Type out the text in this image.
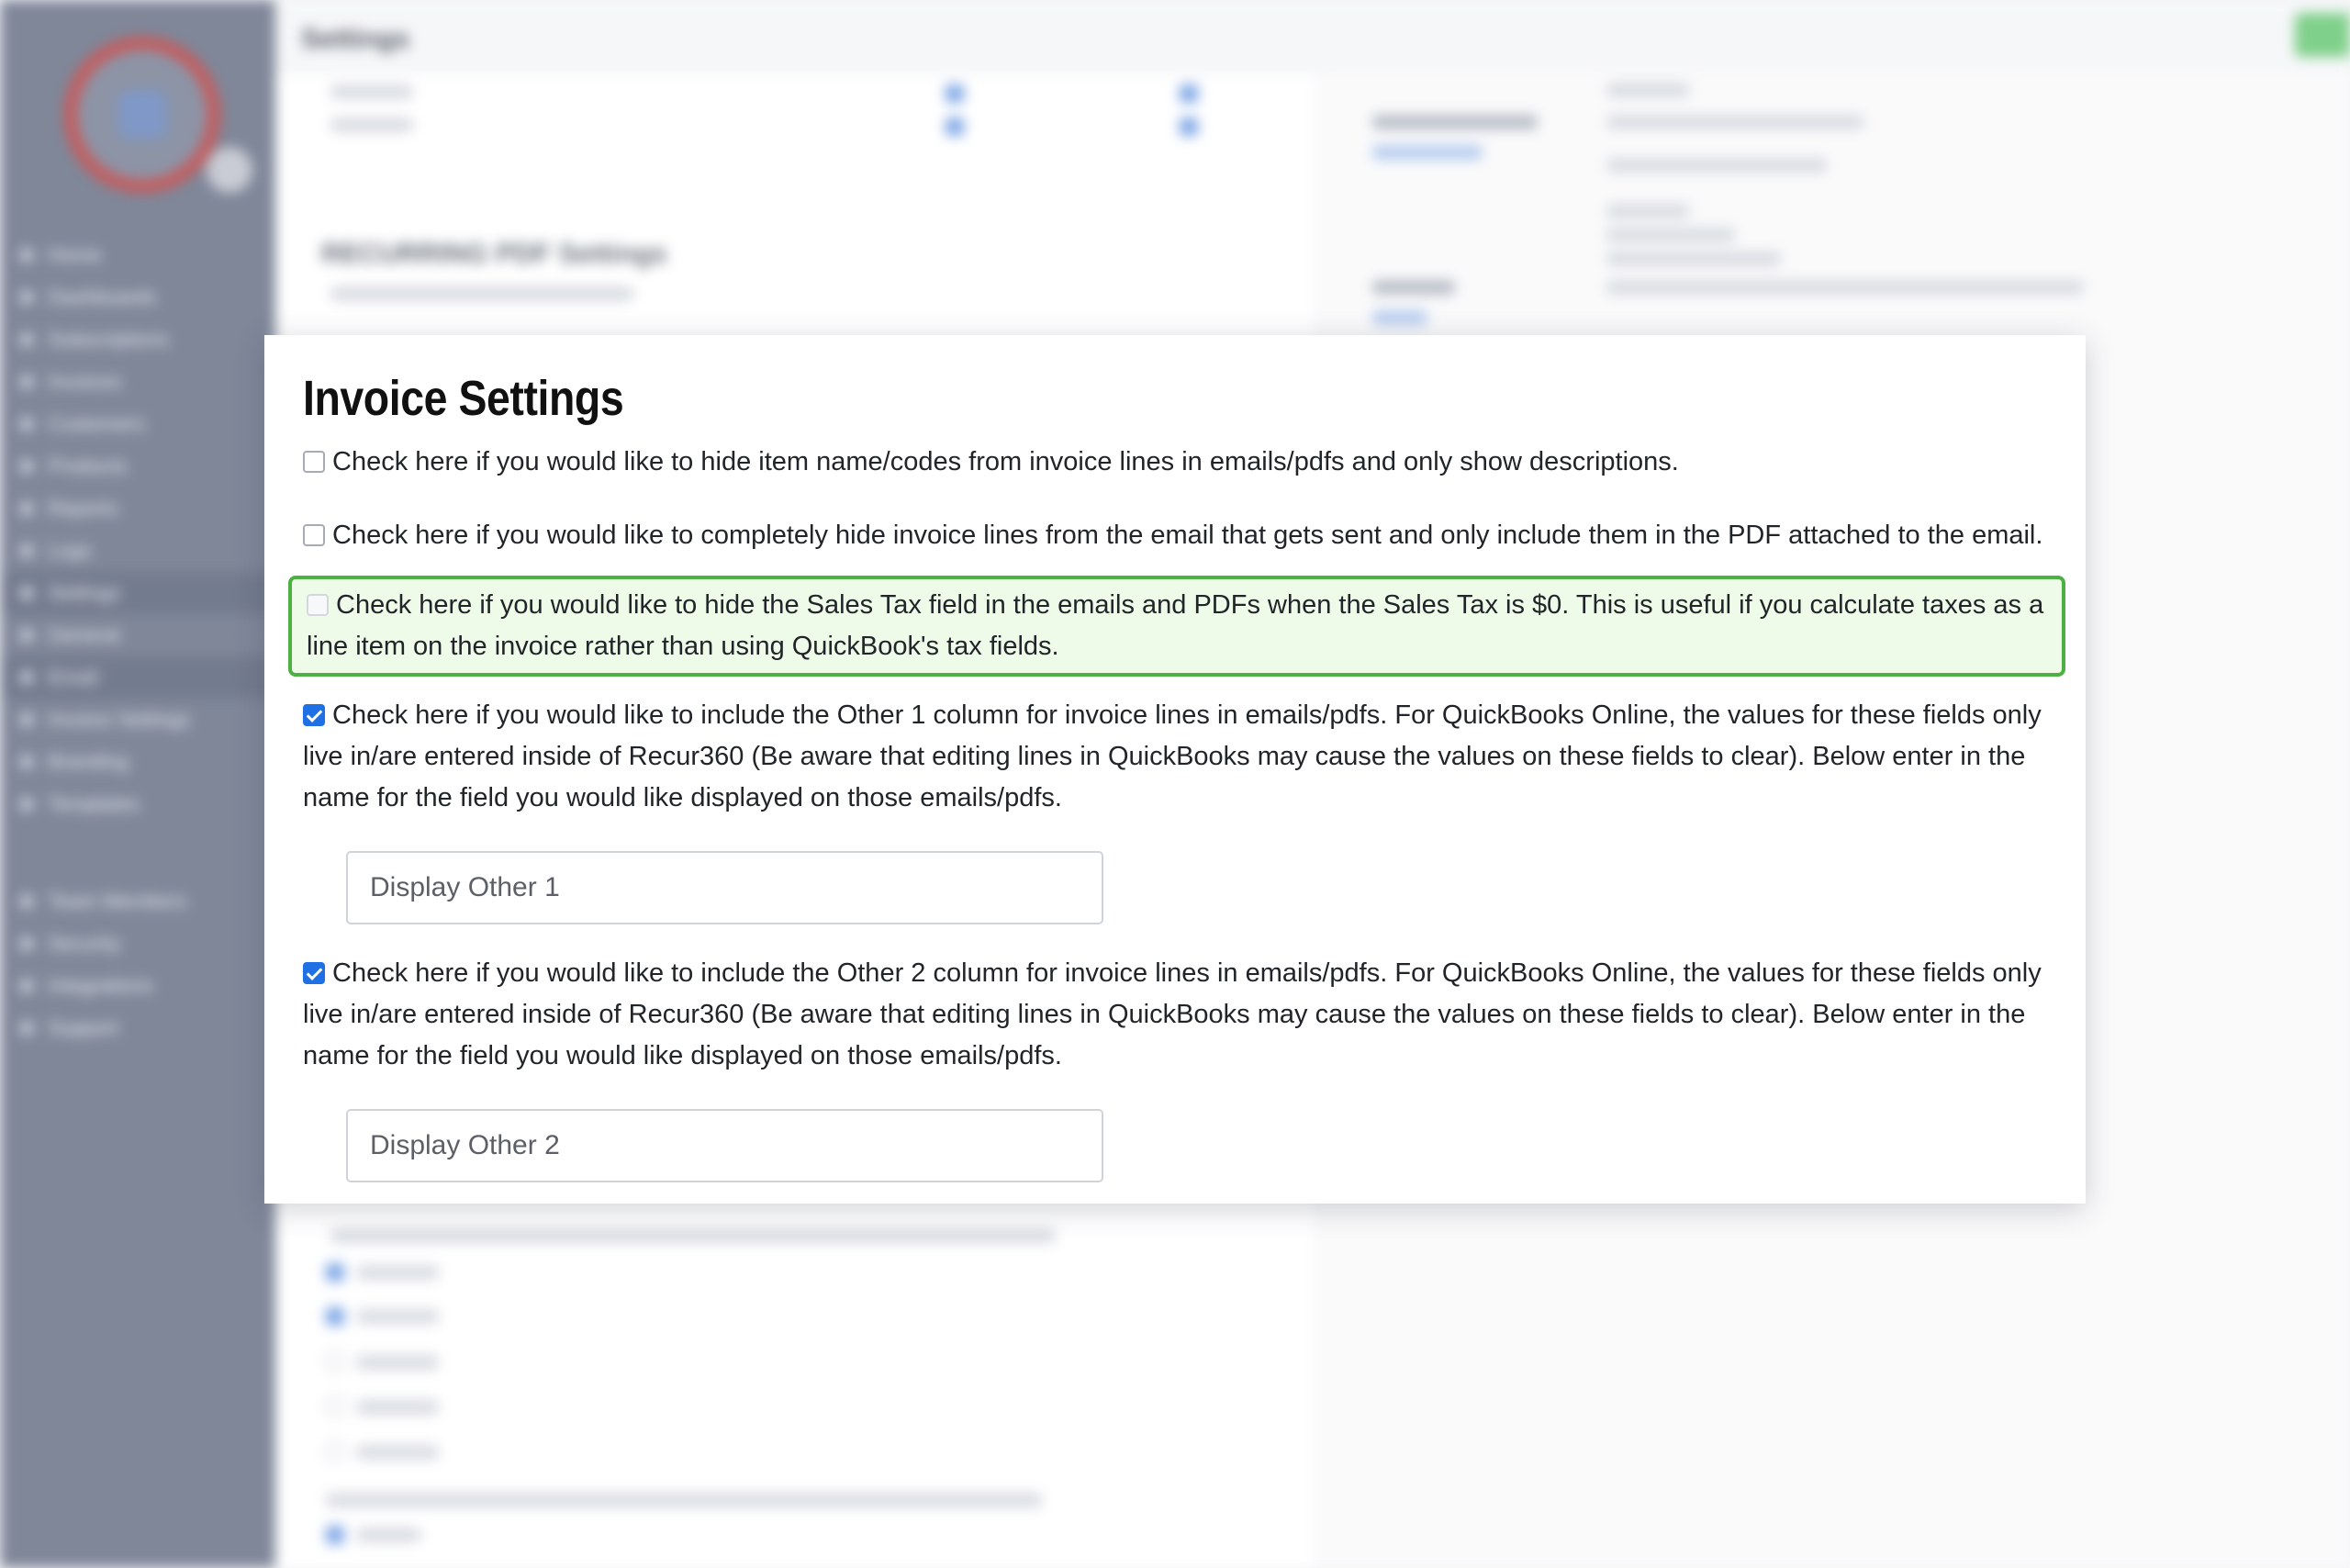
Home
Dashboards
Subscriptions
Invoices
Customers
Products
Reports
Logs
Settings
General
Email
Invoice Settings
Branding
Templates
Team Members
Security
Integrations
Support
Settings
RECURRING PDF Settings
Invoice Settings
Check here if you would like to hide item name/codes from invoice lines in emails/pdfs and only show descriptions.
Check here if you would like to completely hide invoice lines from the email that gets sent and only include them in the PDF attached to the email.
Check here if you would like to hide the Sales Tax field in the emails and PDFs when the Sales Tax is $0. This is useful if you calculate taxes as a line item on the invoice rather than using QuickBook's tax fields.
Check here if you would like to include the Other 1 column for invoice lines in emails/pdfs. For QuickBooks Online, the values for these fields only live in/are entered inside of Recur360 (Be aware that editing lines in QuickBooks may cause the values on these fields to clear). Below enter in the name for the field you would like displayed on those emails/pdfs.
Display Other 1
Check here if you would like to include the Other 2 column for invoice lines in emails/pdfs. For QuickBooks Online, the values for these fields only live in/are entered inside of Recur360 (Be aware that editing lines in QuickBooks may cause the values on these fields to clear). Below enter in the name for the field you would like displayed on those emails/pdfs.
Display Other 2
